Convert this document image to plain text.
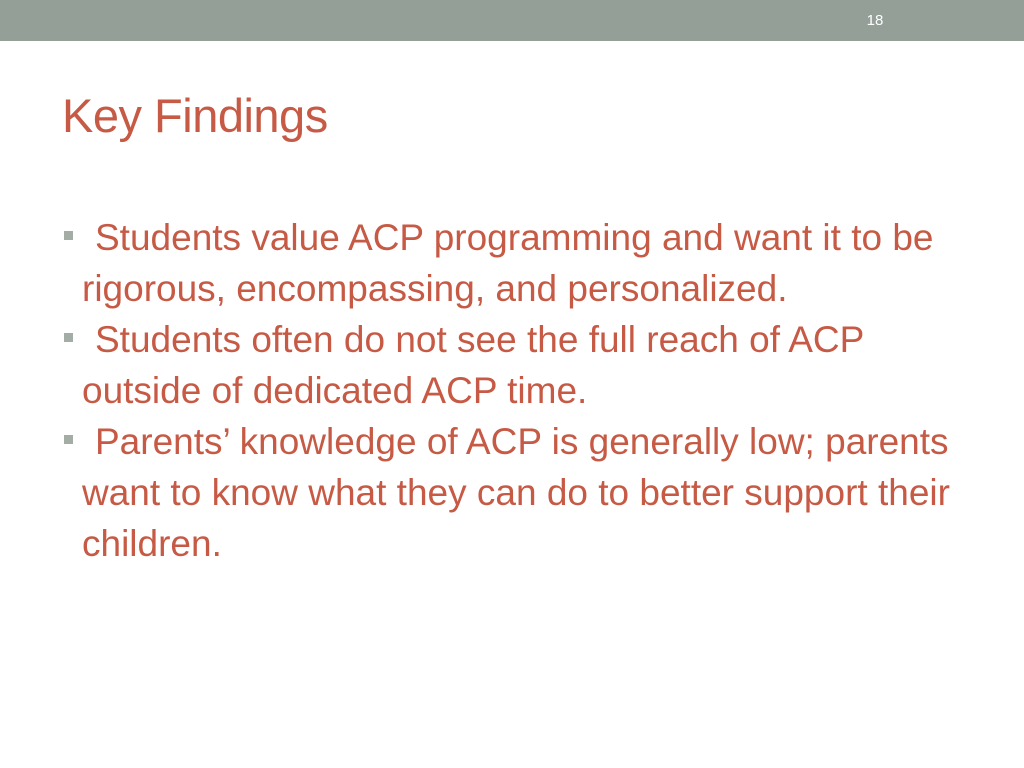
18
Key Findings
Students value ACP programming and want it to be rigorous, encompassing, and personalized.
Students often do not see the full reach of ACP outside of dedicated ACP time.
Parents’ knowledge of ACP is generally low; parents want to know what they can do to better support their children.
